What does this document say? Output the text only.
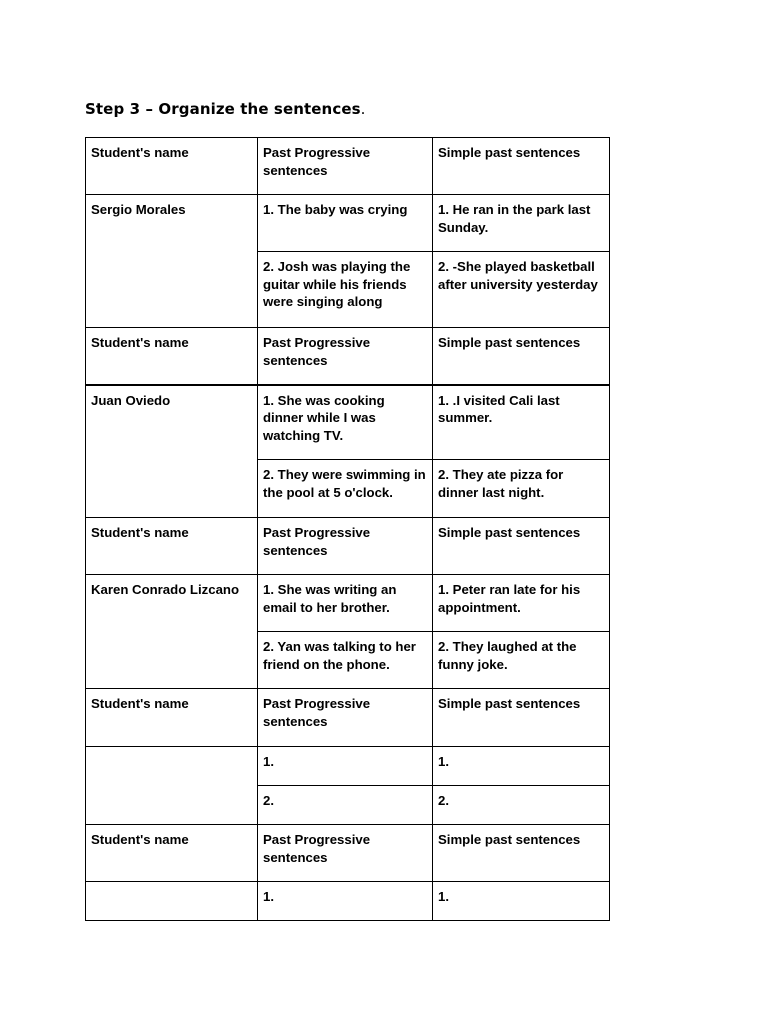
Step 3 – Organize the sentences.
Student's name	Past Progressive sentences	Simple past sentences
Sergio Morales	1. The baby was crying	1. He ran in the park last Sunday.
	2. Josh was playing the guitar while his friends were singing along	2. -She played basketball after university yesterday
Student's name	Past Progressive sentences	Simple past sentences
Juan Oviedo	1. She was cooking dinner while I was watching TV.	1. .I visited Cali last summer.
	2. They were swimming in the pool at 5 o'clock.	2. They ate pizza for dinner last night.
Student's name	Past Progressive sentences	Simple past sentences
Karen Conrado Lizcano	1. She was writing an email to her brother.	1. Peter ran late for his appointment.
	2. Yan was talking to her friend on the phone.	2. They laughed at the funny joke.
Student's name	Past Progressive sentences	Simple past sentences
	1.	1.
	2.	2.
Student's name	Past Progressive sentences	Simple past sentences
	1.	1.
